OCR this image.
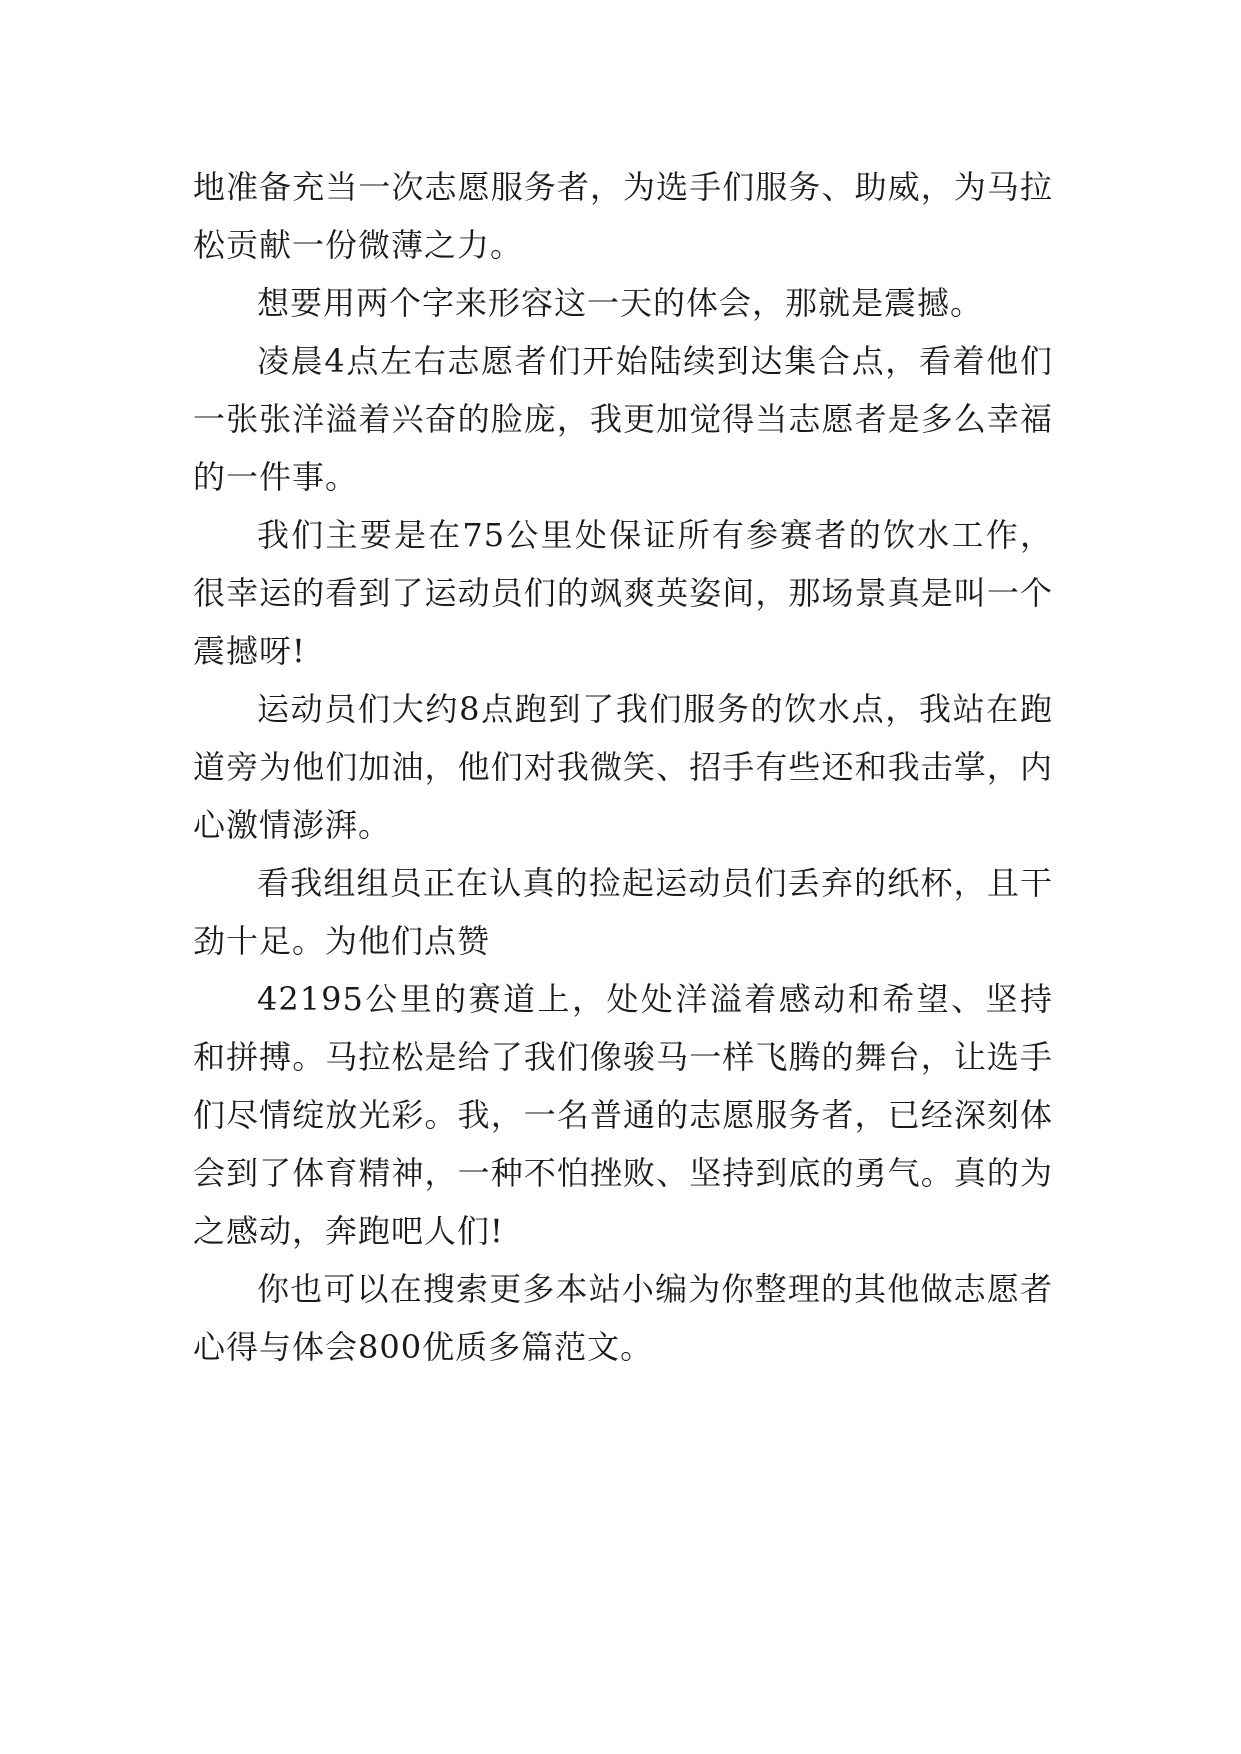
地准备充当一次志愿服务者，为选手们服务、助威，为马拉松贡献一份微薄之力。

想要用两个字来形容这一天的体会，那就是震撼。

凌晨4点左右志愿者们开始陆续到达集合点，看着他们一张张洋溢着兴奋的脸庞，我更加觉得当志愿者是多么幸福的一件事。

我们主要是在75公里处保证所有参赛者的饮水工作，很幸运的看到了运动员们的飒爽英姿间，那场景真是叫一个震撼呀!

运动员们大约8点跑到了我们服务的饮水点，我站在跑道旁为他们加油，他们对我微笑、招手有些还和我击掌，内心激情澎湃。

看我组组员正在认真的捡起运动员们丢弃的纸杯，且干劲十足。为他们点赞

42195公里的赛道上，处处洋溢着感动和希望、坚持和拼搏。马拉松是给了我们像骏马一样飞腾的舞台，让选手们尽情绽放光彩。我，一名普通的志愿服务者，已经深刻体会到了体育精神，一种不怕挫败、坚持到底的勇气。真的为之感动，奔跑吧人们!

你也可以在搜索更多本站小编为你整理的其他做志愿者心得与体会800优质多篇范文。
